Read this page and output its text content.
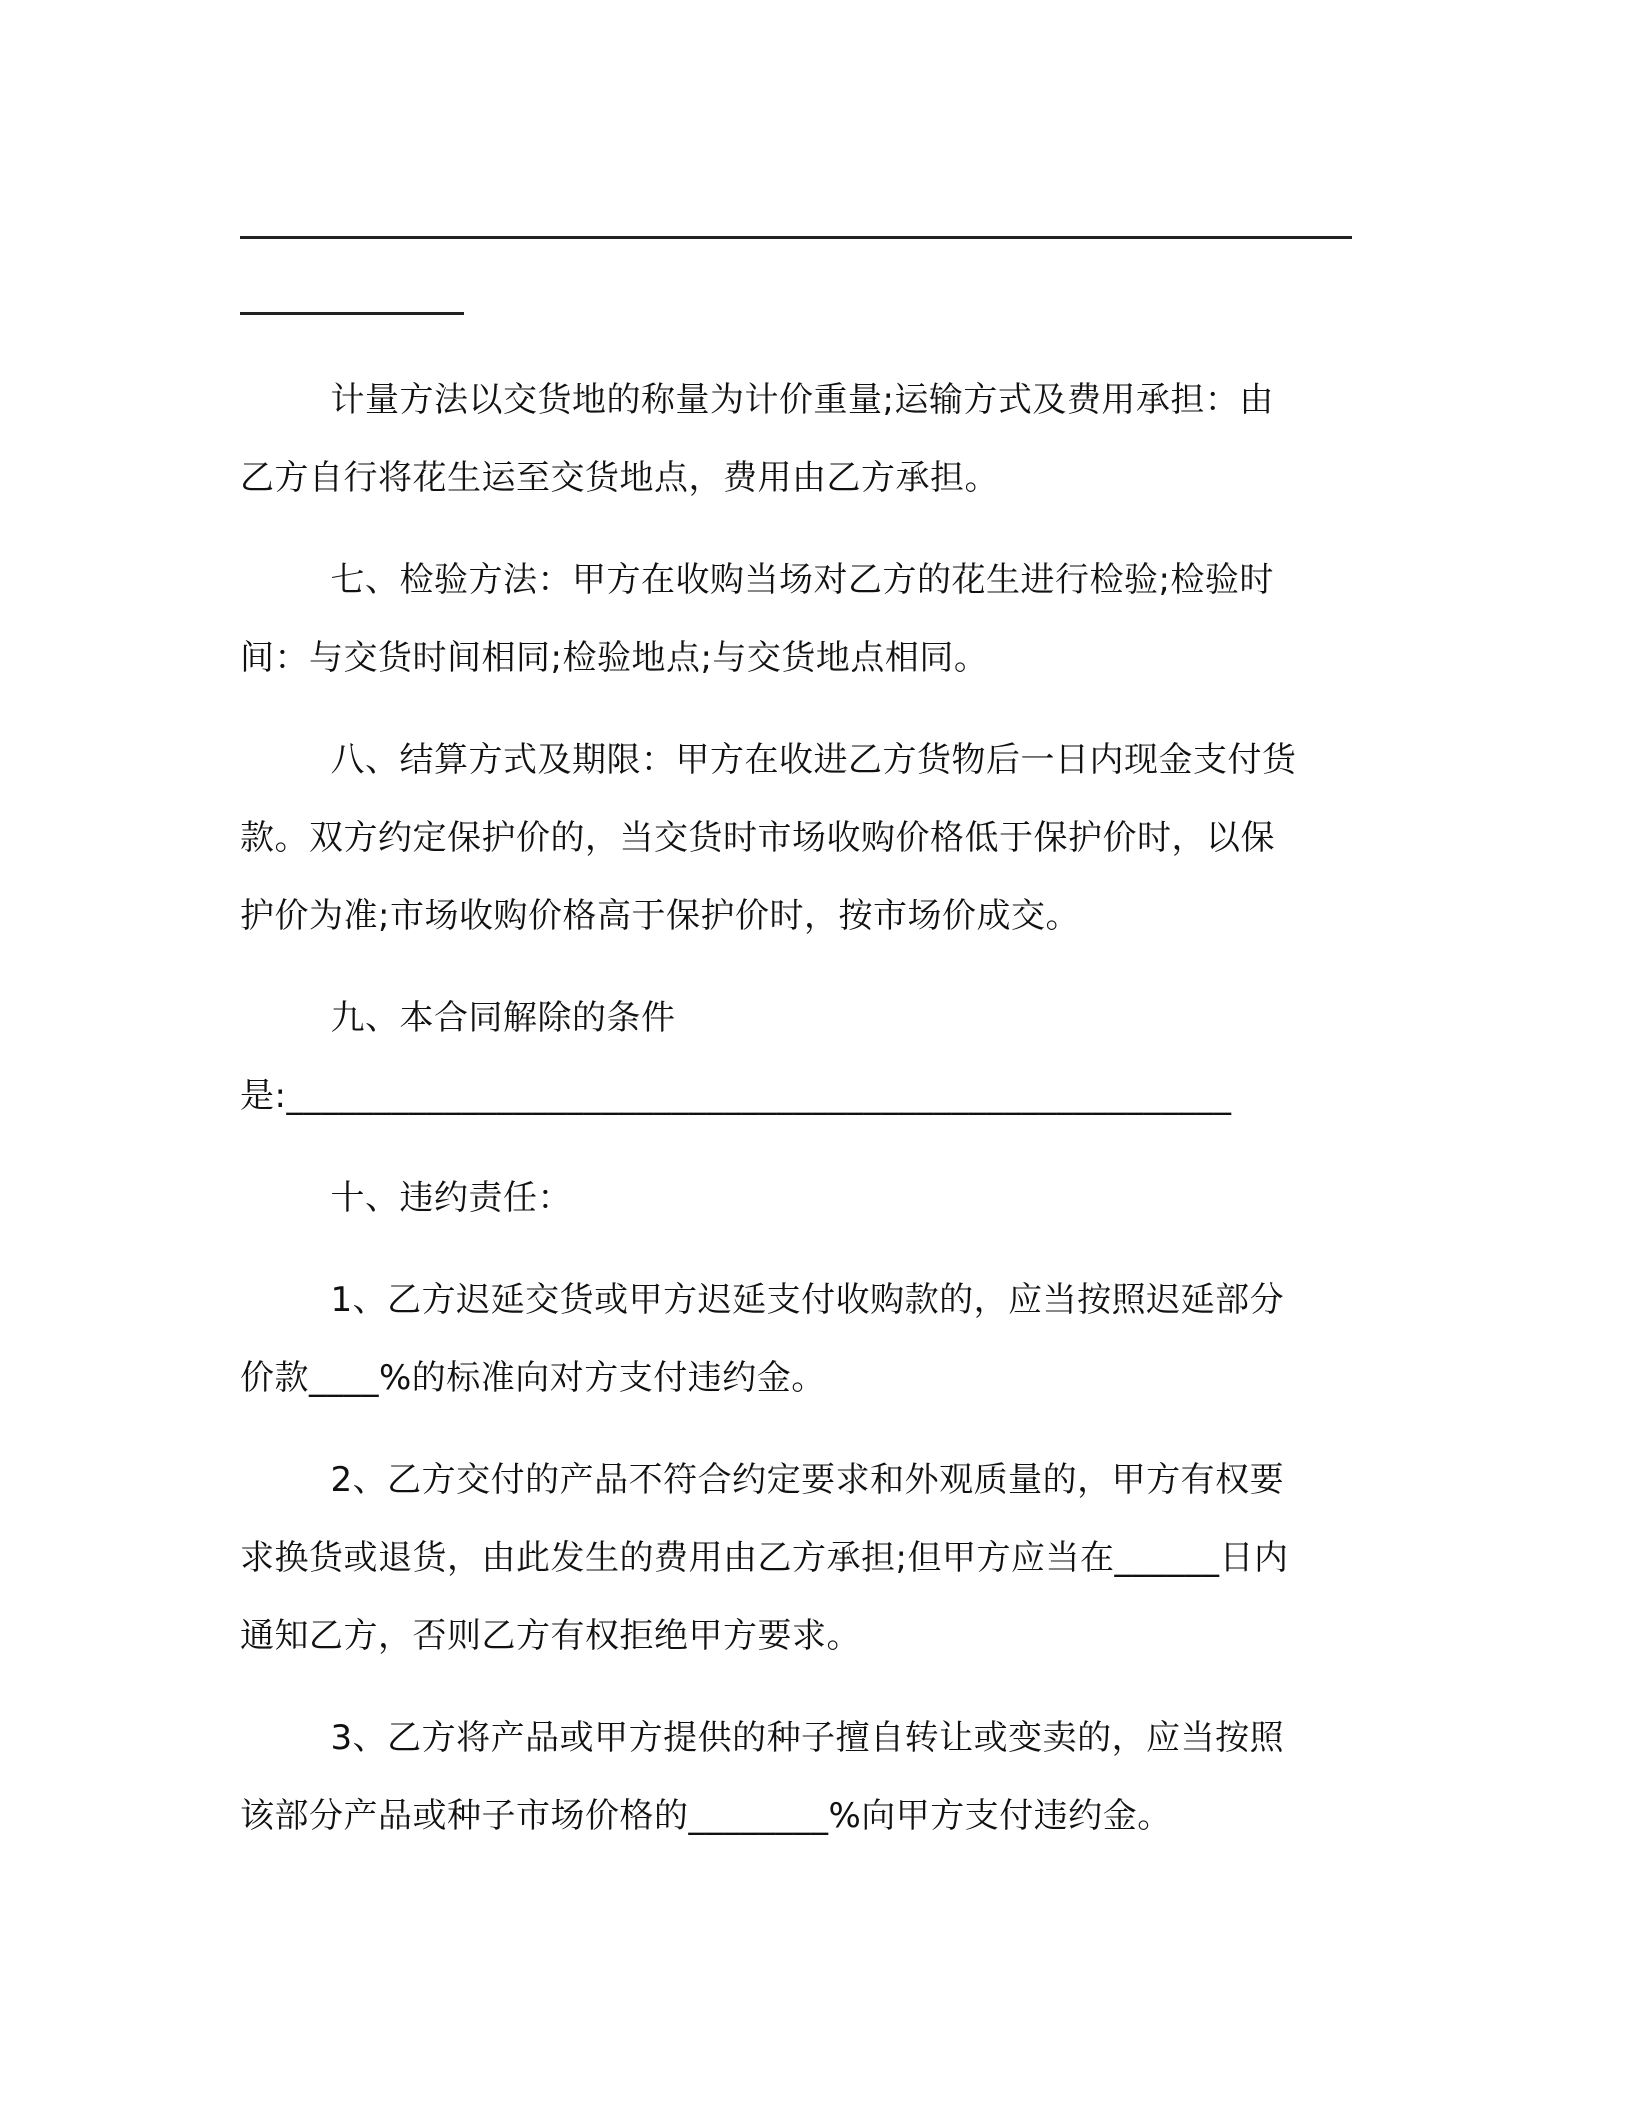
计量方法以交货地的称量为计价重量;运输方式及费用承担：由
乙方自行将花生运至交货地点，费用由乙方承担。
七、检验方法：甲方在收购当场对乙方的花生进行检验;检验时
间：与交货时间相同;检验地点;与交货地点相同。
八、结算方式及期限：甲方在收进乙方货物后一日内现金支付货
款。双方约定保护价的，当交货时市场收购价格低于保护价时，以保
护价为准;市场收购价格高于保护价时，按市场价成交。
九、本合同解除的条件
是:______________________________________________________
十、违约责任：
1、乙方迟延交货或甲方迟延支付收购款的，应当按照迟延部分
价款____%的标准向对方支付违约金。
2、乙方交付的产品不符合约定要求和外观质量的，甲方有权要
求换货或退货，由此发生的费用由乙方承担;但甲方应当在______日内
通知乙方，否则乙方有权拒绝甲方要求。
3、乙方将产品或甲方提供的种子擅自转让或变卖的，应当按照
该部分产品或种子市场价格的________%向甲方支付违约金。
